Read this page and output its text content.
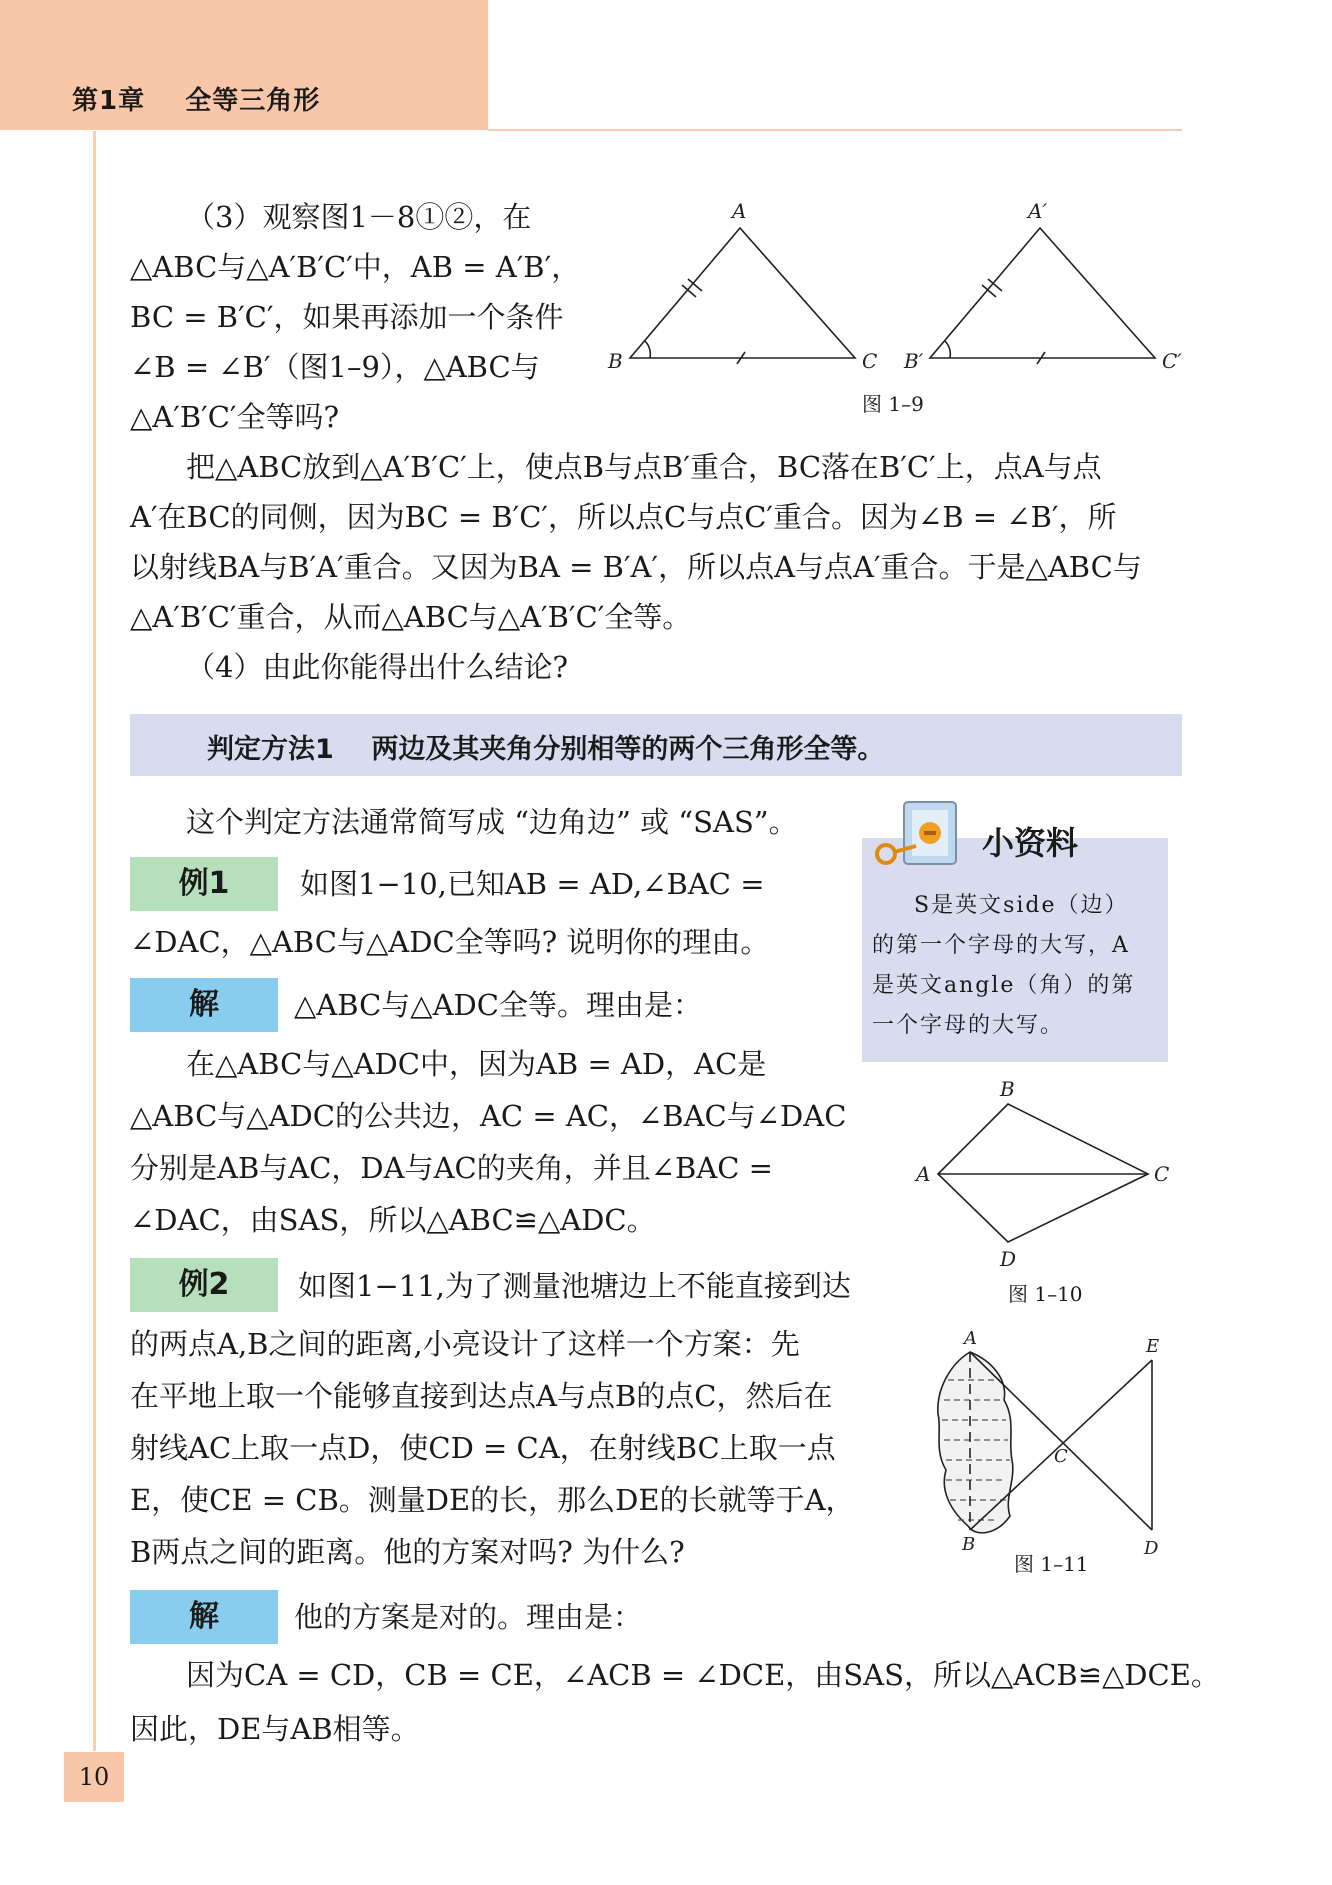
第1章    全等三角形
（3）观察图1－8①②，在
△ABC与△A′B′C′中，AB = A′B′，
BC = B′C′，如果再添加一个条件
∠B = ∠B′（图1–9），△ABC与
△A′B′C′全等吗?
A
B	C
A′
B′	C′
图 1–9
把△ABC放到△A′B′C′上，使点B与点B′重合，BC落在B′C′上，点A与点
A′在BC的同侧，因为BC = B′C′，所以点C与点C′重合。因为∠B = ∠B′，所
以射线BA与B′A′重合。又因为BA = B′A′，所以点A与点A′重合。于是△ABC与
△A′B′C′重合，从而△ABC与△A′B′C′全等。
（4）由此你能得出什么结论?
判定方法1    两边及其夹角分别相等的两个三角形全等。
这个判定方法通常简写成 “边角边” 或 “SAS”。
小资料
S是英文side（边）
的第一个字母的大写，A
是英文angle（角）的第
一个字母的大写。
例1	如图1−10,已知AB = AD,∠BAC =
∠DAC，△ABC与△ADC全等吗? 说明你的理由。
解	△ABC与△ADC全等。理由是：
在△ABC与△ADC中，因为AB = AD，AC是
△ABC与△ADC的公共边，AC = AC，∠BAC与∠DAC
分别是AB与AC，DA与AC的夹角，并且∠BAC =
∠DAC，由SAS，所以△ABC≌△ADC。
A
B
C
D
图 1–10
例2	如图1−11,为了测量池塘边上不能直接到达
的两点A,B之间的距离,小亮设计了这样一个方案：先
在平地上取一个能够直接到达点A与点B的点C，然后在
射线AC上取一点D，使CD = CA，在射线BC上取一点
E，使CE = CB。测量DE的长，那么DE的长就等于A，
B两点之间的距离。他的方案对吗? 为什么?
A
B
C
D
E
图 1–11
解	他的方案是对的。理由是：
因为CA = CD，CB = CE，∠ACB = ∠DCE，由SAS，所以△ACB≌△DCE。
因此，DE与AB相等。
10
